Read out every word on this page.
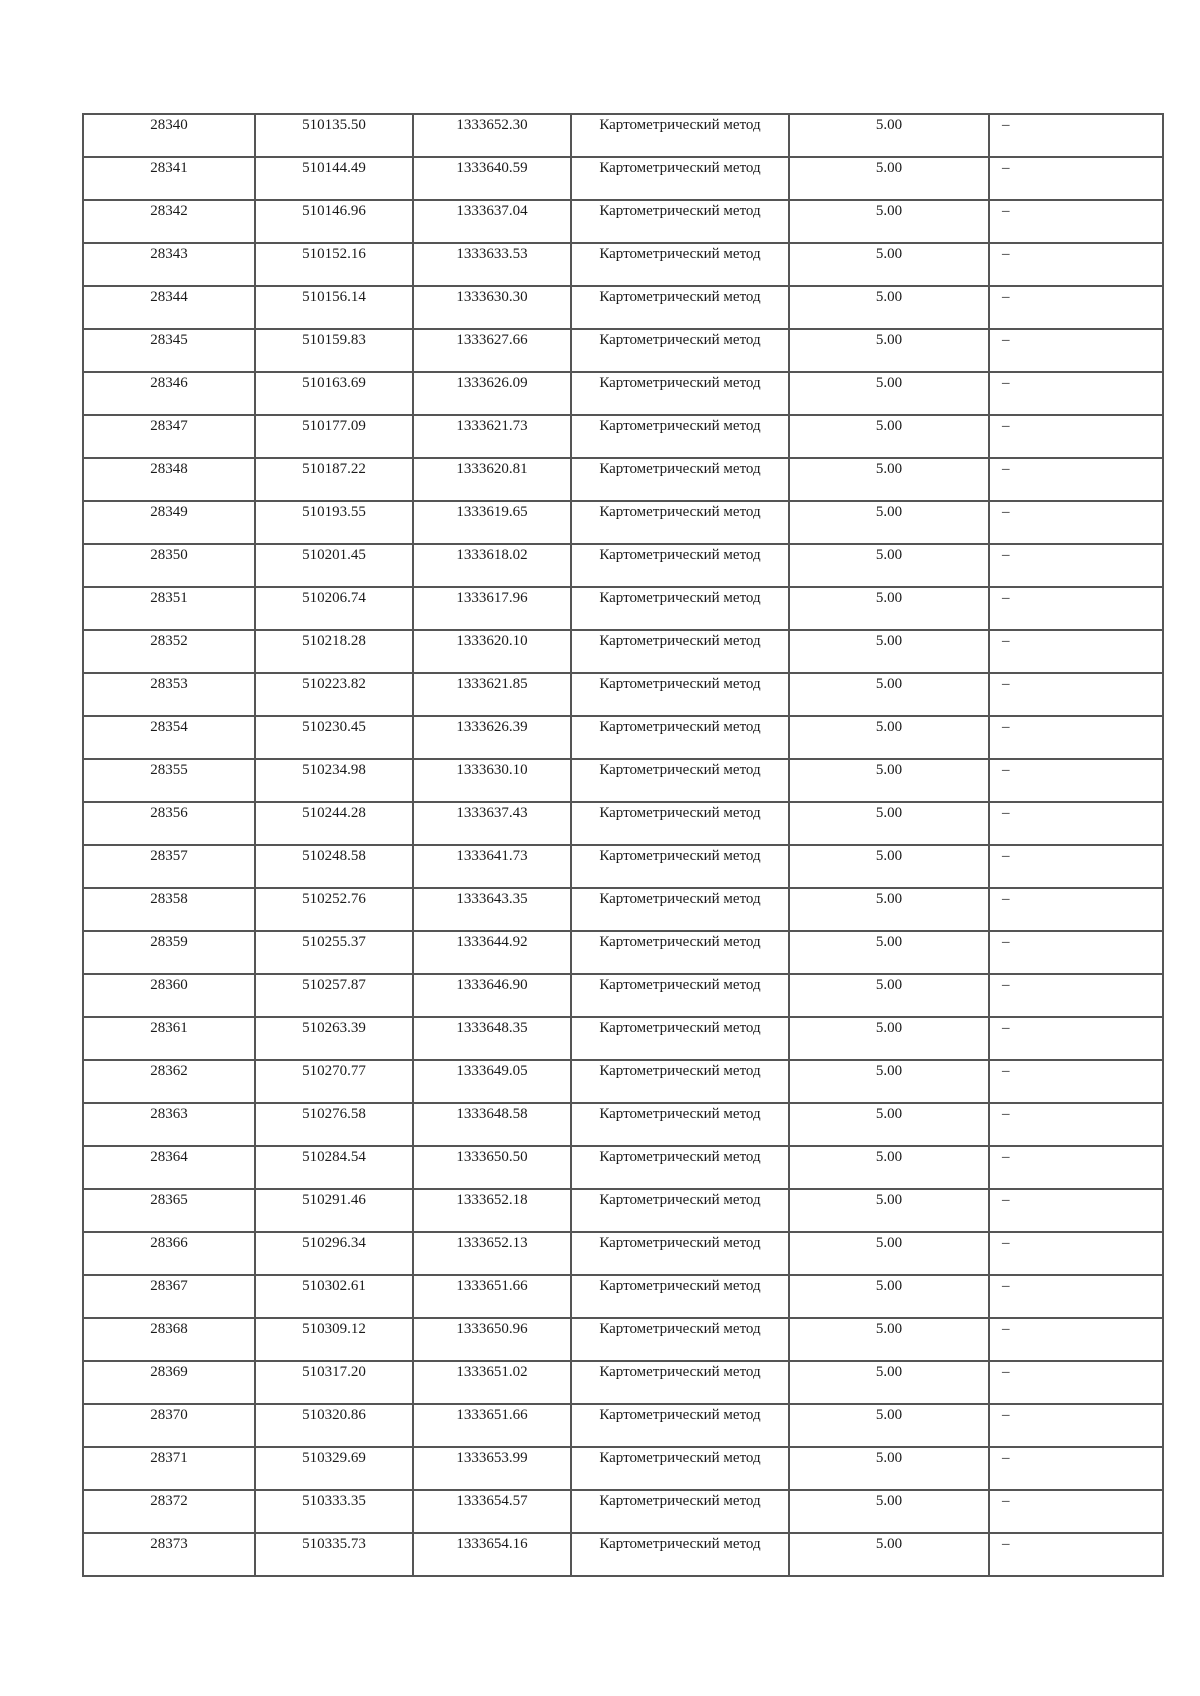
28340	510135.50	1333652.30	Картометрический метод	5.00	–
28341	510144.49	1333640.59	Картометрический метод	5.00	–
28342	510146.96	1333637.04	Картометрический метод	5.00	–
28343	510152.16	1333633.53	Картометрический метод	5.00	–
28344	510156.14	1333630.30	Картометрический метод	5.00	–
28345	510159.83	1333627.66	Картометрический метод	5.00	–
28346	510163.69	1333626.09	Картометрический метод	5.00	–
28347	510177.09	1333621.73	Картометрический метод	5.00	–
28348	510187.22	1333620.81	Картометрический метод	5.00	–
28349	510193.55	1333619.65	Картометрический метод	5.00	–
28350	510201.45	1333618.02	Картометрический метод	5.00	–
28351	510206.74	1333617.96	Картометрический метод	5.00	–
28352	510218.28	1333620.10	Картометрический метод	5.00	–
28353	510223.82	1333621.85	Картометрический метод	5.00	–
28354	510230.45	1333626.39	Картометрический метод	5.00	–
28355	510234.98	1333630.10	Картометрический метод	5.00	–
28356	510244.28	1333637.43	Картометрический метод	5.00	–
28357	510248.58	1333641.73	Картометрический метод	5.00	–
28358	510252.76	1333643.35	Картометрический метод	5.00	–
28359	510255.37	1333644.92	Картометрический метод	5.00	–
28360	510257.87	1333646.90	Картометрический метод	5.00	–
28361	510263.39	1333648.35	Картометрический метод	5.00	–
28362	510270.77	1333649.05	Картометрический метод	5.00	–
28363	510276.58	1333648.58	Картометрический метод	5.00	–
28364	510284.54	1333650.50	Картометрический метод	5.00	–
28365	510291.46	1333652.18	Картометрический метод	5.00	–
28366	510296.34	1333652.13	Картометрический метод	5.00	–
28367	510302.61	1333651.66	Картометрический метод	5.00	–
28368	510309.12	1333650.96	Картометрический метод	5.00	–
28369	510317.20	1333651.02	Картометрический метод	5.00	–
28370	510320.86	1333651.66	Картометрический метод	5.00	–
28371	510329.69	1333653.99	Картометрический метод	5.00	–
28372	510333.35	1333654.57	Картометрический метод	5.00	–
28373	510335.73	1333654.16	Картометрический метод	5.00	–
